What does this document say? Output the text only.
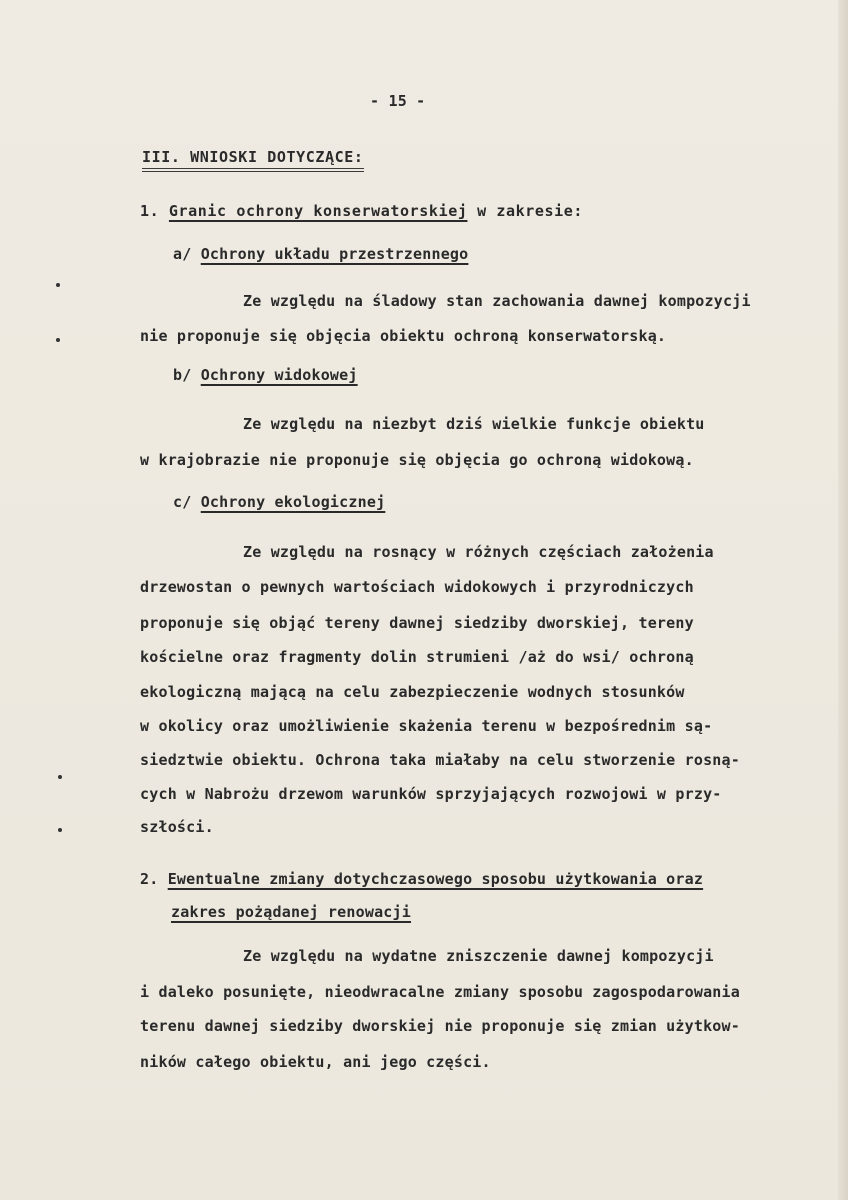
- 15 -
III. WNIOSKI DOTYCZĄCE:
1. Granic ochrony konserwatorskiej w zakresie:
a/ Ochrony układu przestrzennego
Ze względu na śladowy stan zachowania dawnej kompozycji
nie proponuje się objęcia obiektu ochroną konserwatorską.
b/ Ochrony widokowej
Ze względu na niezbyt dziś wielkie funkcje obiektu
w krajobrazie nie proponuje się objęcia go ochroną widokową.
c/ Ochrony ekologicznej
Ze względu na rosnący w różnych częściach założenia
drzewostan o pewnych wartościach widokowych i przyrodniczych
proponuje się objąć tereny dawnej siedziby dworskiej, tereny
kościelne oraz fragmenty dolin strumieni /aż do wsi/ ochroną
ekologiczną mającą na celu zabezpieczenie wodnych stosunków
w okolicy oraz umożliwienie skażenia terenu w bezpośrednim są-
siedztwie obiektu. Ochrona taka miałaby na celu stworzenie rosną-
cych w Nabrożu drzewom warunków sprzyjających rozwojowi w przy-
szłości.
2. Ewentualne zmiany dotychczasowego sposobu użytkowania oraz
zakres pożądanej renowacji
Ze względu na wydatne zniszczenie dawnej kompozycji
i daleko posunięte, nieodwracalne zmiany sposobu zagospodarowania
terenu dawnej siedziby dworskiej nie proponuje się zmian użytkow-
ników całego obiektu, ani jego części.
